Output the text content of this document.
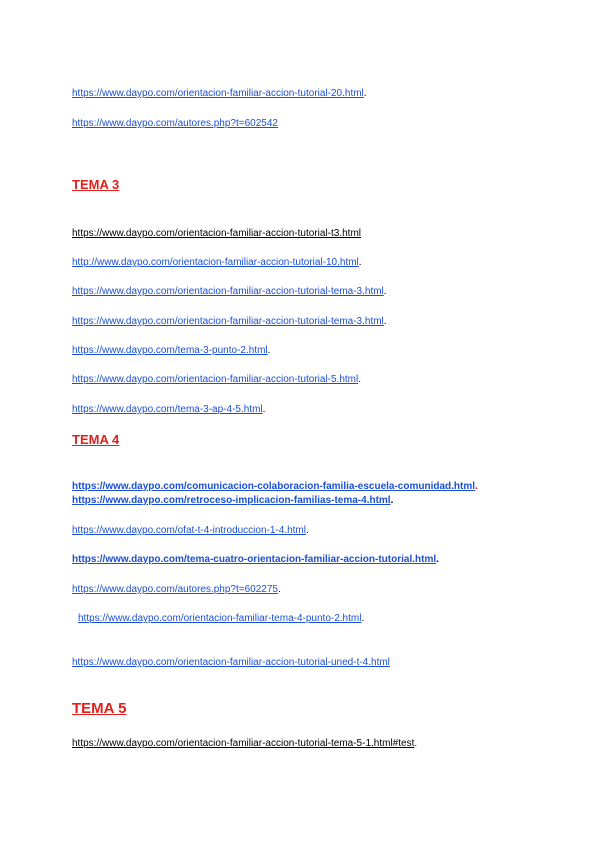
https://www.daypo.com/orientacion-familiar-accion-tutorial-20.html.
https://www.daypo.com/autores.php?t=602542
TEMA 3
https://www.daypo.com/orientacion-familiar-accion-tutorial-t3.html
http://www.daypo.com/orientacion-familiar-accion-tutorial-10.html.
https://www.daypo.com/orientacion-familiar-accion-tutorial-tema-3.html.
https://www.daypo.com/orientacion-familiar-accion-tutorial-tema-3.html.
https://www.daypo.com/tema-3-punto-2.html.
https://www.daypo.com/orientacion-familiar-accion-tutorial-5.html.
https://www.daypo.com/tema-3-ap-4-5.html.
TEMA 4
https://www.daypo.com/comunicacion-colaboracion-familia-escuela-comunidad.html.
https://www.daypo.com/retroceso-implicacion-familias-tema-4.html.
https://www.daypo.com/ofat-t-4-introduccion-1-4.html.
https://www.daypo.com/tema-cuatro-orientacion-familiar-accion-tutorial.html.
https://www.daypo.com/autores.php?t=602275.
https://www.daypo.com/orientacion-familiar-tema-4-punto-2.html.
https://www.daypo.com/orientacion-familiar-accion-tutorial-uned-t-4.html
TEMA 5
https://www.daypo.com/orientacion-familiar-accion-tutorial-tema-5-1.html#test.
